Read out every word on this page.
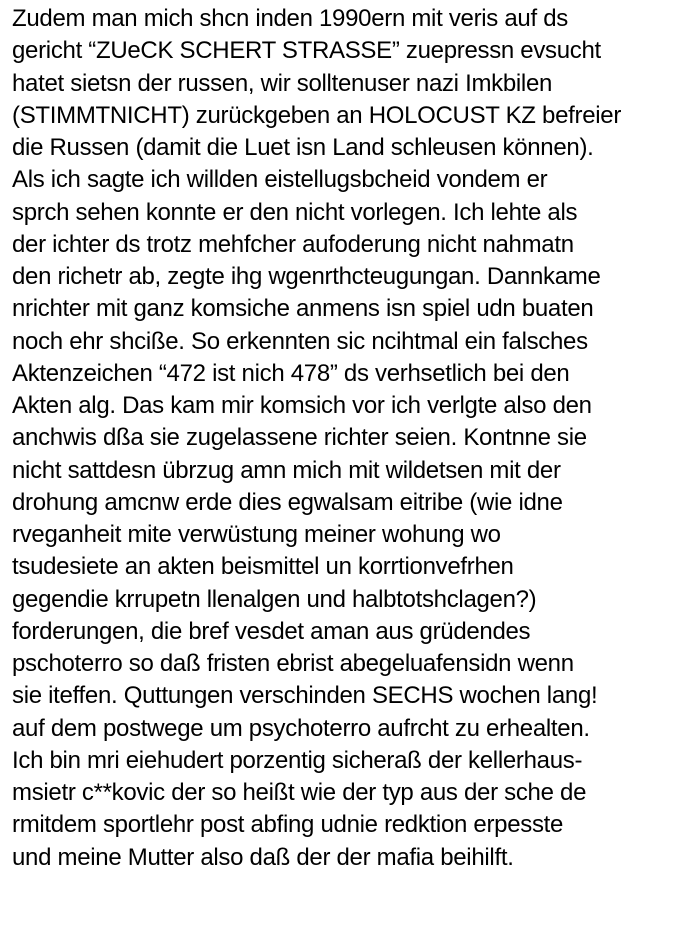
Zudem man mich shcn inden 1990ern mit veris auf ds
gericht “ZUeCK SCHERT STRASSE” zuepressn evsucht
hatet sietsn der russen, wir solltenuser nazi Imkbilen
(STIMMTNICHT) zurückgeben an HOLOCUST KZ befreier
die Russen (damit die Luet isn Land schleusen können).
Als ich sagte ich willden eistellugsbcheid vondem er
sprch sehen konnte er den nicht vorlegen. Ich lehte als
der ichter ds trotz mehfcher aufoderung nicht nahmatn
den richetr ab, zegte ihg wgenrthcteugungan. Dannkame
nrichter mit ganz komsiche anmens isn spiel udn buaten
noch ehr shciße. So erkennten sic ncihtmal ein falsches
Aktenzeichen “472 ist nich 478” ds verhsetlich bei den
Akten alg. Das kam mir komsich vor ich verlgte also den
anchwis dßa sie zugelassene richter seien. Kontnne sie
nicht sattdesn übrzug amn mich mit wildetsen mit der
drohung amcnw erde dies egwalsam eitribe (wie idne
rveganheit mite verwüstung meiner wohung wo
tsudesiete an akten beismittel un korrtionvefrhen
gegendie krrupetn llenalgen und halbtotshclagen?)
forderungen, die bref vesdet aman aus grüdendes
pschoterro so daß fristen ebrist abegeluafensidn wenn
sie iteffen. Quttungen verschinden SECHS wochen lang!
auf dem postwege um psychoterro aufrcht zu erhealten.
Ich bin mri eiehudert porzentig sicheraß der kellerhaus-
msietr c**kovic der so heißt wie der typ aus der sche de
rmitdem sportlehr post abfing udnie redktion erpesste
und meine Mutter also daß der der mafia beihilft.
